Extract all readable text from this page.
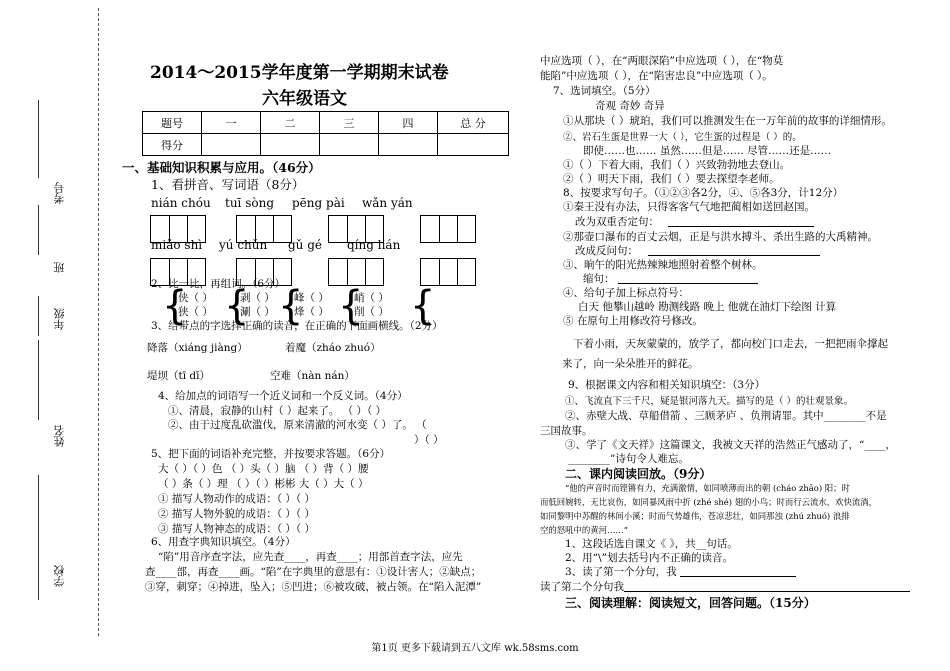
学校
姓名
年级
班
考号
2014～2015学年度第一学期期末试卷
六年级语文
题号	一	二	三	四	总 分
得分					
一、基础知识积累与应用。（46分）
1、看拼音、写词语（8分）
nián chóu tuī sòng pēng pài wǎn yán
miǎo shì yú chǔn gǔ gé qíng lián
2、比一比，再组词。（6分）
{
侠（ ）
狭（ ） {
剥（ ）
涮（ ） {
峰（ ）
烽（ ） {
峭（ ）
削（ ） {
3、给带点的字选择正确的读音，在正确的下面画横线。（2分）
降落（xiáng jiàng）	着魔（zháo zhuó）
堤坝（tī dī）	空难（nàn nán）
4、给加点的词语写一个近义词和一个反义词。（4分）
①、清晨，寂静的山村（ ）起来了。 （ ）（ ）
②、由于过度乱砍滥伐，原来清澈的河水变（ ）了。 （
）（ ）
5、把下面的词语补充完整，并按要求答题。（6分）
大（ ）（ ）色 （ ）头（ ）脑 （ ）背（ ）腰
（ ）条（ ）理 （ ）（ ）彬彬 大（ ）大（ ）
① 描写人物动作的成语：（ ）（ ）
② 描写人物外貌的成语：（ ）（ ）
③ 描写人物神态的成语：（ ）（ ）
6、用查字典知识填空。（4分）
“陷”用音序查字法，应先查____，再查____；用部首查字法，应先
查____部，再查____画。“陷”在字典里的意思有：①设计害人；②缺点；
③穿，刺穿；④掉进，坠入；⑤凹进；⑥被攻破，被占领。在“陷入泥潭”
中应选项（ ），在“两眼深陷”中应选项（ ），在“物莫
能陷”中应选项（ ），在“陷害忠良”中应选项（ ）。
7、选词填空。（5分）
奇观 奇妙 奇异
①从那块（ ）琥珀，我们可以推测发生在一万年前的故事的详细情形。
②、岩石生蛋是世界一大（ ），它生蛋的过程是（ ）的。
即使……也…… 虽然……但是…… 尽管……还是……
①（ ）下着大雨，我们（ ）兴致勃勃地去登山。
②（ ）明天下雨，我们（ ）要去探望李老师。
8、按要求写句子。（①②③各2分，④、⑤各3分，计12分）
①秦王没有办法，只得客客气气地把蔺相如送回赵国。
改为双重否定句：
②那壶口瀑布的百丈云烟，正是与洪水搏斗、杀出生路的大禹精神。
改成反问句：
③、晌午的阳光热辣辣地照射着整个树林。
缩句：
④、给句子加上标点符号：
白天 他攀山越岭 勘测线路 晚上 他就在油灯下绘图 计算
⑤ 在原句上用修改符号修改。
下着小雨，天灰蒙蒙的，放学了，都向校门口走去，一把把雨伞撑起
来了，向一朵朵胜开的鲜花。
9、根据课文内容和相关知识填空：（3分）
①、飞流直下三千尺，疑是银河落九天。描写的是（ ）的壮观景象。
②、赤壁大战、草船借箭 、三顾茅庐 、负荆请罪。其中________不是
三国故事。
③、学了《文天祥》这篇课文，我被文天祥的浩然正气感动了，“____，
________”诗句令人难忘。
二、课内阅读回放。（9分）
“他的声音时而铿锵有力，充满激情，如同喷薄而出的朝 (cháo zhāo) 阳；时
而低回婉转，无比哀伤，如同暴风雨中折 (zhé shé) 翅的小鸟；时而行云流水，欢快流淌，
如同黎明中苏醒的林间小溪；时而气势雄伟，苍凉悲壮，如同那浊 (zhú zhuó) 浪排
空的怒吼中的黄河……”
1、这段话选自课文《 》，共__句话。
2、用“\”划去括号内不正确的读音。
3、读了第一个分句，我
读了第二个分句我
三、阅读理解：阅读短文，回答问题。（15分）
第1页 更多下载请到五八文库 wk.58sms.com
